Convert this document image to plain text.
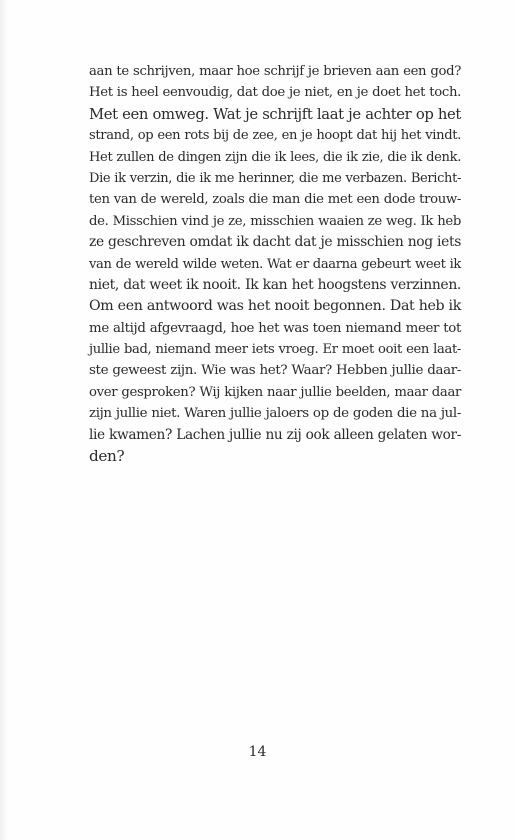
aan te schrijven, maar hoe schrijf je brieven aan een god?
Het is heel eenvoudig, dat doe je niet, en je doet het toch.
Met een omweg. Wat je schrijft laat je achter op het
strand, op een rots bij de zee, en je hoopt dat hij het vindt.
Het zullen de dingen zijn die ik lees, die ik zie, die ik denk.
Die ik verzin, die ik me herinner, die me verbazen. Bericht-
ten van de wereld, zoals die man die met een dode trouw-
de. Misschien vind je ze, misschien waaien ze weg. Ik heb
ze geschreven omdat ik dacht dat je misschien nog iets
van de wereld wilde weten. Wat er daarna gebeurt weet ik
niet, dat weet ik nooit. Ik kan het hoogstens verzinnen.
Om een antwoord was het nooit begonnen. Dat heb ik
me altijd afgevraagd, hoe het was toen niemand meer tot
jullie bad, niemand meer iets vroeg. Er moet ooit een laat-
ste geweest zijn. Wie was het? Waar? Hebben jullie daar-
over gesproken? Wij kijken naar jullie beelden, maar daar
zijn jullie niet. Waren jullie jaloers op de goden die na jul-
lie kwamen? Lachen jullie nu zij ook alleen gelaten wor-
den?
14
